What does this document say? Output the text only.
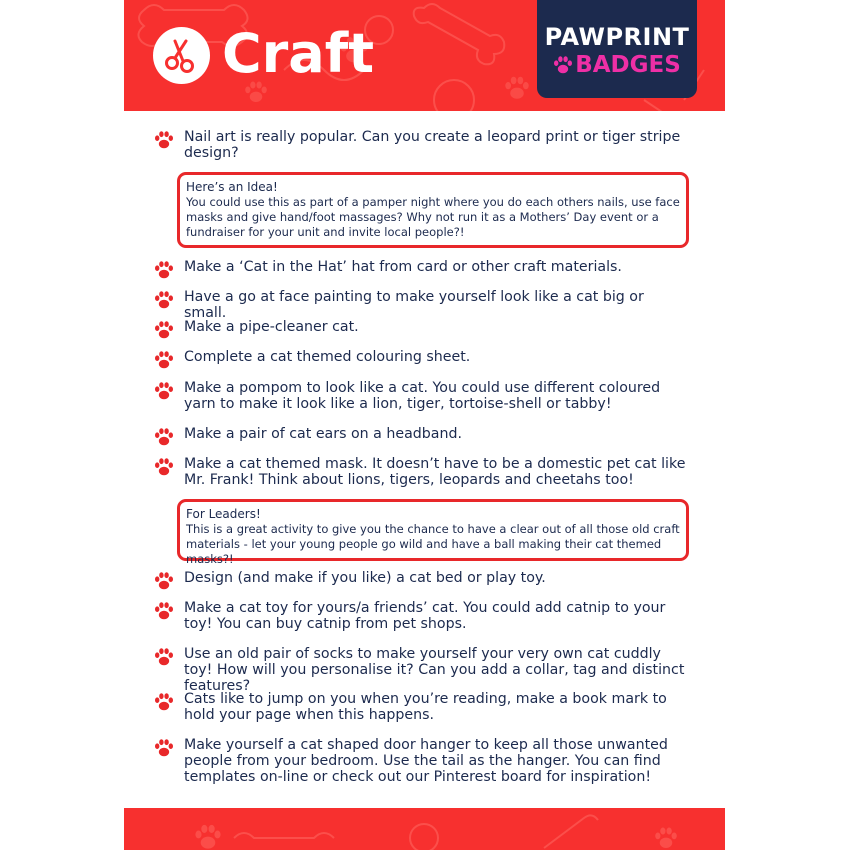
Craft	PAWPRINT
BADGES
Nail art is really popular. Can you create a leopard print or tiger stripe design?
Here’s an Idea!
You could use this as part of a pamper night where you do each others nails, use face masks and give hand/foot massages? Why not run it as a Mothers’ Day event or a fundraiser for your unit and invite local people?!
Make a ‘Cat in the Hat’ hat from card or other craft materials.
Have a go at face painting to make yourself look like a cat big or small.
Make a pipe-cleaner cat.
Complete a cat themed colouring sheet.
Make a pompom to look like a cat. You could use different coloured yarn to make it look like a lion, tiger, tortoise-shell or tabby!
Make a pair of cat ears on a headband.
Make a cat themed mask. It doesn’t have to be a domestic pet cat like Mr. Frank! Think about lions, tigers, leopards and cheetahs too!
For Leaders!
This is a great activity to give you the chance to have a clear out of all those old craft materials - let your young people go wild and have a ball making their cat themed masks?!
Design (and make if you like) a cat bed or play toy.
Make a cat toy for yours/a friends’ cat. You could add catnip to your toy! You can buy catnip from pet shops.
Use an old pair of socks to make yourself your very own cat cuddly toy! How will you personalise it? Can you add a collar, tag and distinct features?
Cats like to jump on you when you’re reading, make a book mark to hold your page when this happens.
Make yourself a cat shaped door hanger to keep all those unwanted people from your bedroom. Use the tail as the hanger. You can find templates on-line or check out our Pinterest board for inspiration!
